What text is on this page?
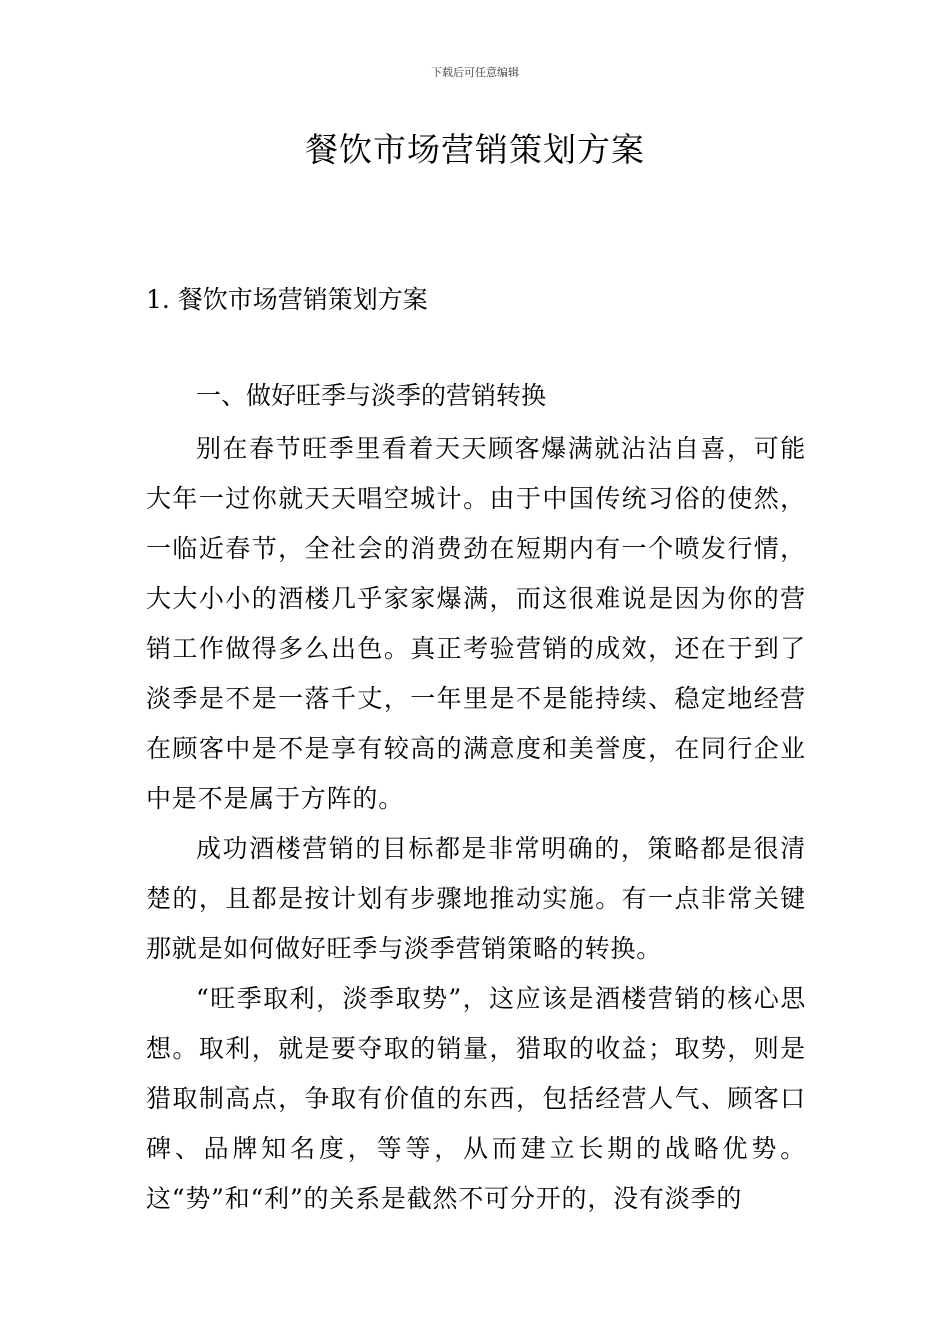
下载后可任意编辑
餐饮市场营销策划方案
1. 餐饮市场营销策划方案
一、做好旺季与淡季的营销转换

别在春节旺季里看着天天顾客爆满就沾沾自喜，可能大年一过你就天天唱空城计。由于中国传统习俗的使然，一临近春节，全社会的消费劲在短期内有一个喷发行情，大大小小的酒楼几乎家家爆满，而这很难说是因为你的营销工作做得多么出色。真正考验营销的成效，还在于到了淡季是不是一落千丈，一年里是不是能持续、稳定地经营在顾客中是不是享有较高的满意度和美誉度，在同行企业中是不是属于方阵的。

成功酒楼营销的目标都是非常明确的，策略都是很清楚的，且都是按计划有步骤地推动实施。有一点非常关键那就是如何做好旺季与淡季营销策略的转换。

“旺季取利，淡季取势”，这应该是酒楼营销的核心思想。取利，就是要夺取的销量，猎取的收益；取势，则是猎取制高点，争取有价值的东西，包括经营人气、顾客口碑、品牌知名度，等等，从而建立长期的战略优势。这“势”和“利”的关系是截然不可分开的，没有淡季的
